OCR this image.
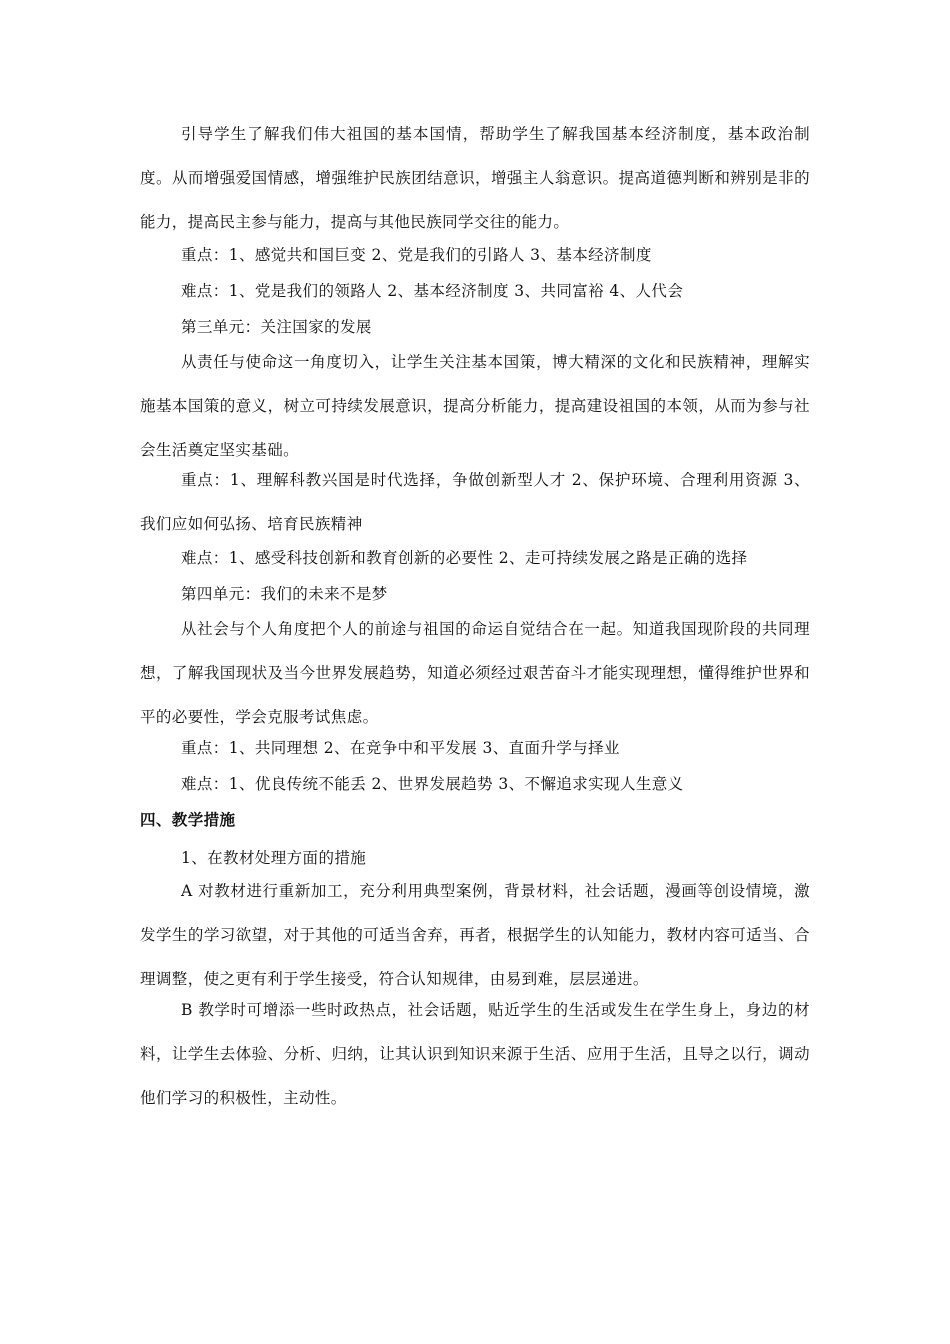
引导学生了解我们伟大祖国的基本国情，帮助学生了解我国基本经济制度，基本政治制度。从而增强爱国情感，增强维护民族团结意识，增强主人翁意识。提高道德判断和辨别是非的能力，提高民主参与能力，提高与其他民族同学交往的能力。

重点：1、感觉共和国巨变 2、党是我们的引路人 3、基本经济制度

难点：1、党是我们的领路人 2、基本经济制度 3、共同富裕 4、人代会

第三单元：关注国家的发展

从责任与使命这一角度切入，让学生关注基本国策，博大精深的文化和民族精神，理解实施基本国策的意义，树立可持续发展意识，提高分析能力，提高建设祖国的本领，从而为参与社会生活奠定坚实基础。

重点：1、理解科教兴国是时代选择，争做创新型人才 2、保护环境、合理利用资源 3、我们应如何弘扬、培育民族精神

难点：1、感受科技创新和教育创新的必要性 2、走可持续发展之路是正确的选择

第四单元：我们的未来不是梦

从社会与个人角度把个人的前途与祖国的命运自觉结合在一起。知道我国现阶段的共同理想，了解我国现状及当今世界发展趋势，知道必须经过艰苦奋斗才能实现理想，懂得维护世界和平的必要性，学会克服考试焦虑。

重点：1、共同理想 2、在竞争中和平发展 3、直面升学与择业

难点：1、优良传统不能丢 2、世界发展趋势 3、不懈追求实现人生意义

四、教学措施

1、在教材处理方面的措施

A 对教材进行重新加工，充分利用典型案例，背景材料，社会话题，漫画等创设情境，激发学生的学习欲望，对于其他的可适当舍弃，再者，根据学生的认知能力，教材内容可适当、合理调整，使之更有利于学生接受，符合认知规律，由易到难，层层递进。

B 教学时可增添一些时政热点，社会话题，贴近学生的生活或发生在学生身上，身边的材料，让学生去体验、分析、归纳，让其认识到知识来源于生活、应用于生活，且导之以行，调动他们学习的积极性，主动性。
